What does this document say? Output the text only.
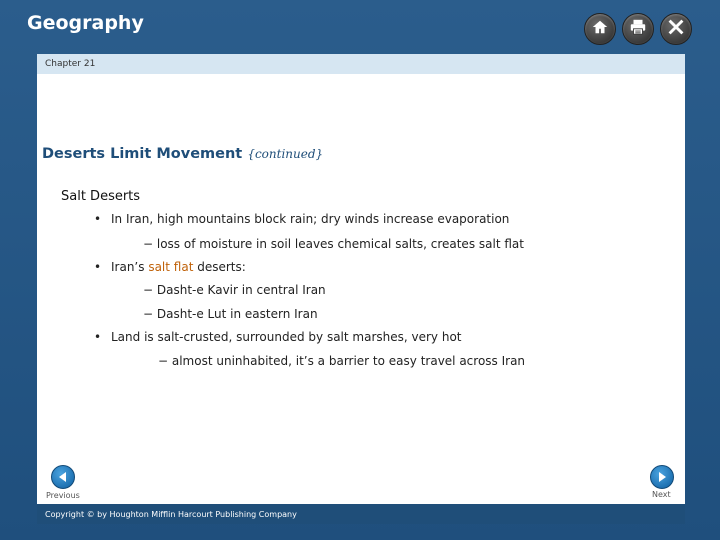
Geography
Chapter 21
Deserts Limit Movement {continued}
Salt Deserts
• In Iran, high mountains block rain; dry winds increase evaporation
− loss of moisture in soil leaves chemical salts, creates salt flat
• Iran’s salt flat deserts:
− Dasht-e Kavir in central Iran
− Dasht-e Lut in eastern Iran
• Land is salt-crusted, surrounded by salt marshes, very hot
− almost uninhabited, it’s a barrier to easy travel across Iran
Previous	Next
Copyright © by Houghton Mifflin Harcourt Publishing Company
